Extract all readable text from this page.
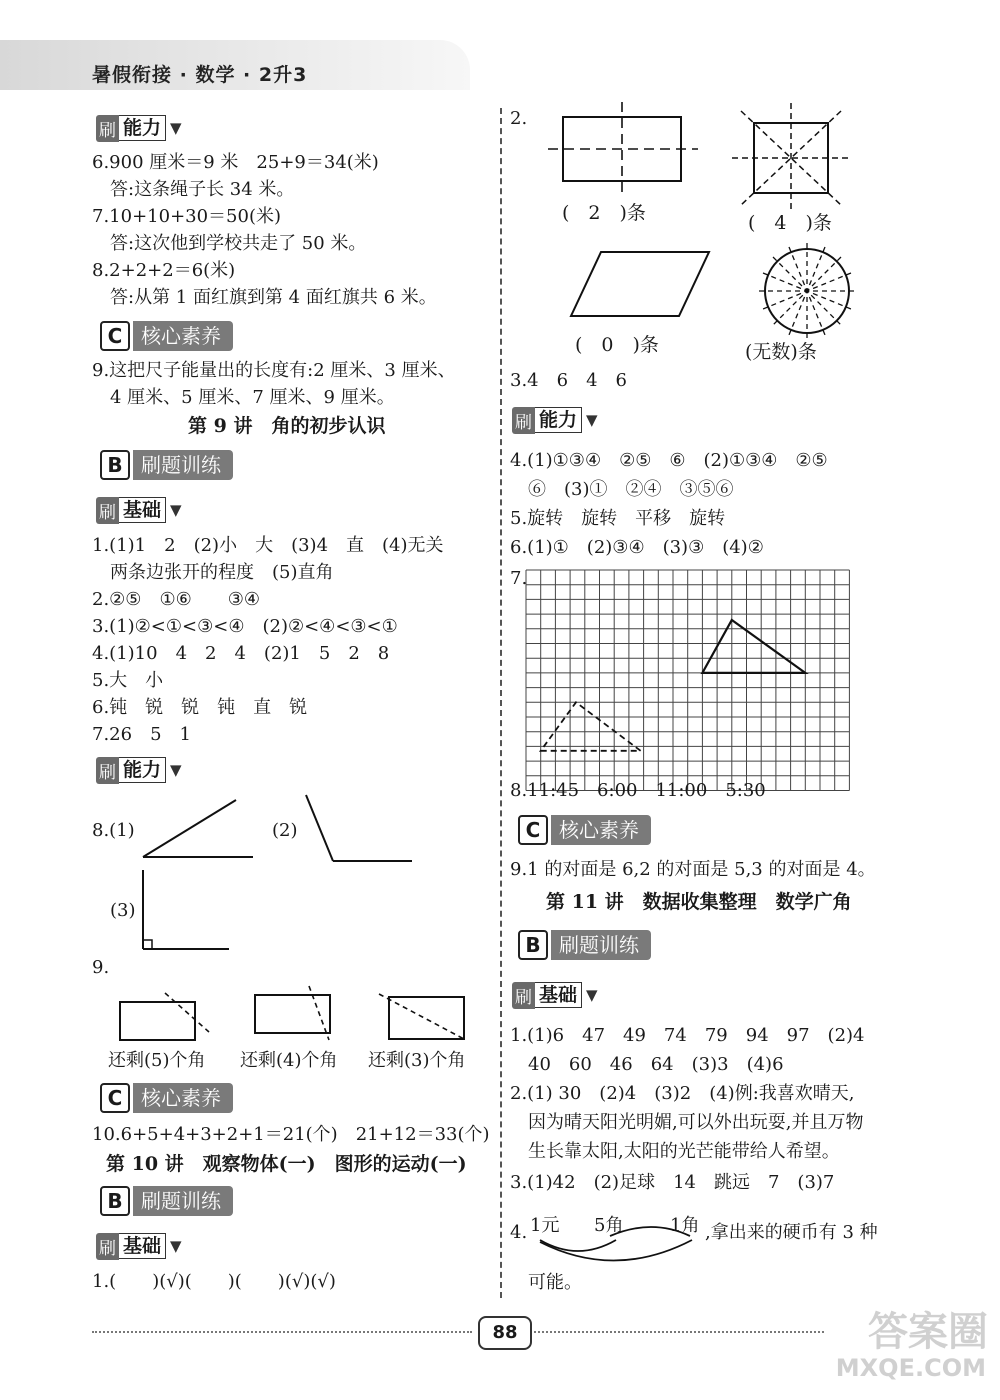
暑假衔接 · 数学 · 2升3
刷 能力 ▼
6.900 厘米＝9 米　25+9＝34(米)
　答:这条绳子长 34 米。
7.10+10+30＝50(米)
　答:这次他到学校共走了 50 米。
8.2+2+2＝6(米)
　答:从第 1 面红旗到第 4 面红旗共 6 米。
C 核心素养
9.这把尺子能量出的长度有:2 厘米、3 厘米、
　4 厘米、5 厘米、7 厘米、9 厘米。
第 9 讲　角的初步认识
B 刷题训练
刷 基础 ▼
1.(1)1　2　(2)小　大　(3)4　直　(4)无关
　两条边张开的程度　(5)直角
2.②⑤　①⑥　　③④
3.(1)②<①<③<④　(2)②<④<③<①
4.(1)10　4　2　4　(2)1　5　2　8
5.大　小
6.钝　锐　锐　钝　直　锐
7.26　5　1
刷 能力 ▼
8.(1)	(2)
(3)
9.
还剩(5)个角 还剩(4)个角 还剩(3)个角
C 核心素养
10.6+5+4+3+2+1＝21(个)　21+12＝33(个)
第 10 讲　观察物体(一)　图形的运动(一)
B 刷题训练
刷 基础 ▼
1.(　　)(√)(　　)(　　)(√)(√)
2.
(　2　)条	(　4　)条
(　0　)条	(无数)条
3.4　6　4　6
刷 能力 ▼
4.(1)①③④　②⑤　⑥　(2)①③④　②⑤
　⑥　(3)①　②④　③⑤⑥
5.旋转　旋转　平移　旋转
6.(1)①　(2)③④　(3)③　(4)②
7.
8.11:45　6:00　11:00　5:30
C 核心素养
9.1 的对面是 6,2 的对面是 5,3 的对面是 4。
第 11 讲　数据收集整理　数学广角
B 刷题训练
刷 基础 ▼
1.(1)6　47　49　74　79　94　97　(2)4
　40　60　46　64　(3)3　(4)6
2.(1) 30　(2)4　(3)2　(4)例:我喜欢晴天,
　因为晴天阳光明媚,可以外出玩耍,并且万物
　生长靠太阳,太阳的光芒能带给人希望。
3.(1)42　(2)足球　14　跳远　7　(3)7
4. 1元 5角	1角 ,拿出来的硬币有 3 种
可能。
88	答案圈
MXQE.COM
